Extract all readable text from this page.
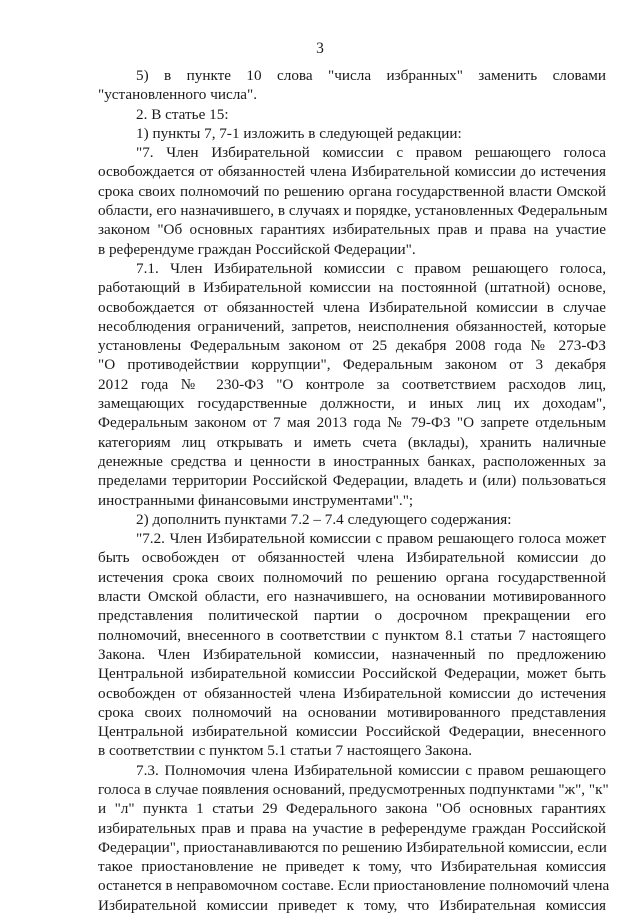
3
5) в пункте 10 слова "числа избранных" заменить словами
"установленного числа".
2. В статье 15:
1) пункты 7, 7-1 изложить в следующей редакции:
"7. Член Избирательной комиссии с правом решающего голоса
освобождается от обязанностей члена Избирательной комиссии до истечения
срока своих полномочий по решению органа государственной власти Омской
области, его назначившего, в случаях и порядке, установленных Федеральным
законом "Об основных гарантиях избирательных прав и права на участие
в референдуме граждан Российской Федерации".
7.1. Член Избирательной комиссии с правом решающего голоса,
работающий в Избирательной комиссии на постоянной (штатной) основе,
освобождается от обязанностей члена Избирательной комиссии в случае
несоблюдения ограничений, запретов, неисполнения обязанностей, которые
установлены Федеральным законом от 25 декабря 2008 года № 273-ФЗ
"О противодействии коррупции", Федеральным законом от 3 декабря
2012 года № 230-ФЗ "О контроле за соответствием расходов лиц,
замещающих государственные должности, и иных лиц их доходам",
Федеральным законом от 7 мая 2013 года № 79-ФЗ "О запрете отдельным
категориям лиц открывать и иметь счета (вклады), хранить наличные
денежные средства и ценности в иностранных банках, расположенных за
пределами территории Российской Федерации, владеть и (или) пользоваться
иностранными финансовыми инструментами".";
2) дополнить пунктами 7.2 – 7.4 следующего содержания:
"7.2. Член Избирательной комиссии с правом решающего голоса может
быть освобожден от обязанностей члена Избирательной комиссии до
истечения срока своих полномочий по решению органа государственной
власти Омской области, его назначившего, на основании мотивированного
представления политической партии о досрочном прекращении его
полномочий, внесенного в соответствии с пунктом 8.1 статьи 7 настоящего
Закона. Член Избирательной комиссии, назначенный по предложению
Центральной избирательной комиссии Российской Федерации, может быть
освобожден от обязанностей члена Избирательной комиссии до истечения
срока своих полномочий на основании мотивированного представления
Центральной избирательной комиссии Российской Федерации, внесенного
в соответствии с пунктом 5.1 статьи 7 настоящего Закона.
7.3. Полномочия члена Избирательной комиссии с правом решающего
голоса в случае появления оснований, предусмотренных подпунктами "ж", "к"
и "л" пункта 1 статьи 29 Федерального закона "Об основных гарантиях
избирательных прав и права на участие в референдуме граждан Российской
Федерации", приостанавливаются по решению Избирательной комиссии, если
такое приостановление не приведет к тому, что Избирательная комиссия
останется в неправомочном составе. Если приостановление полномочий члена
Избирательной комиссии приведет к тому, что Избирательная комиссия
